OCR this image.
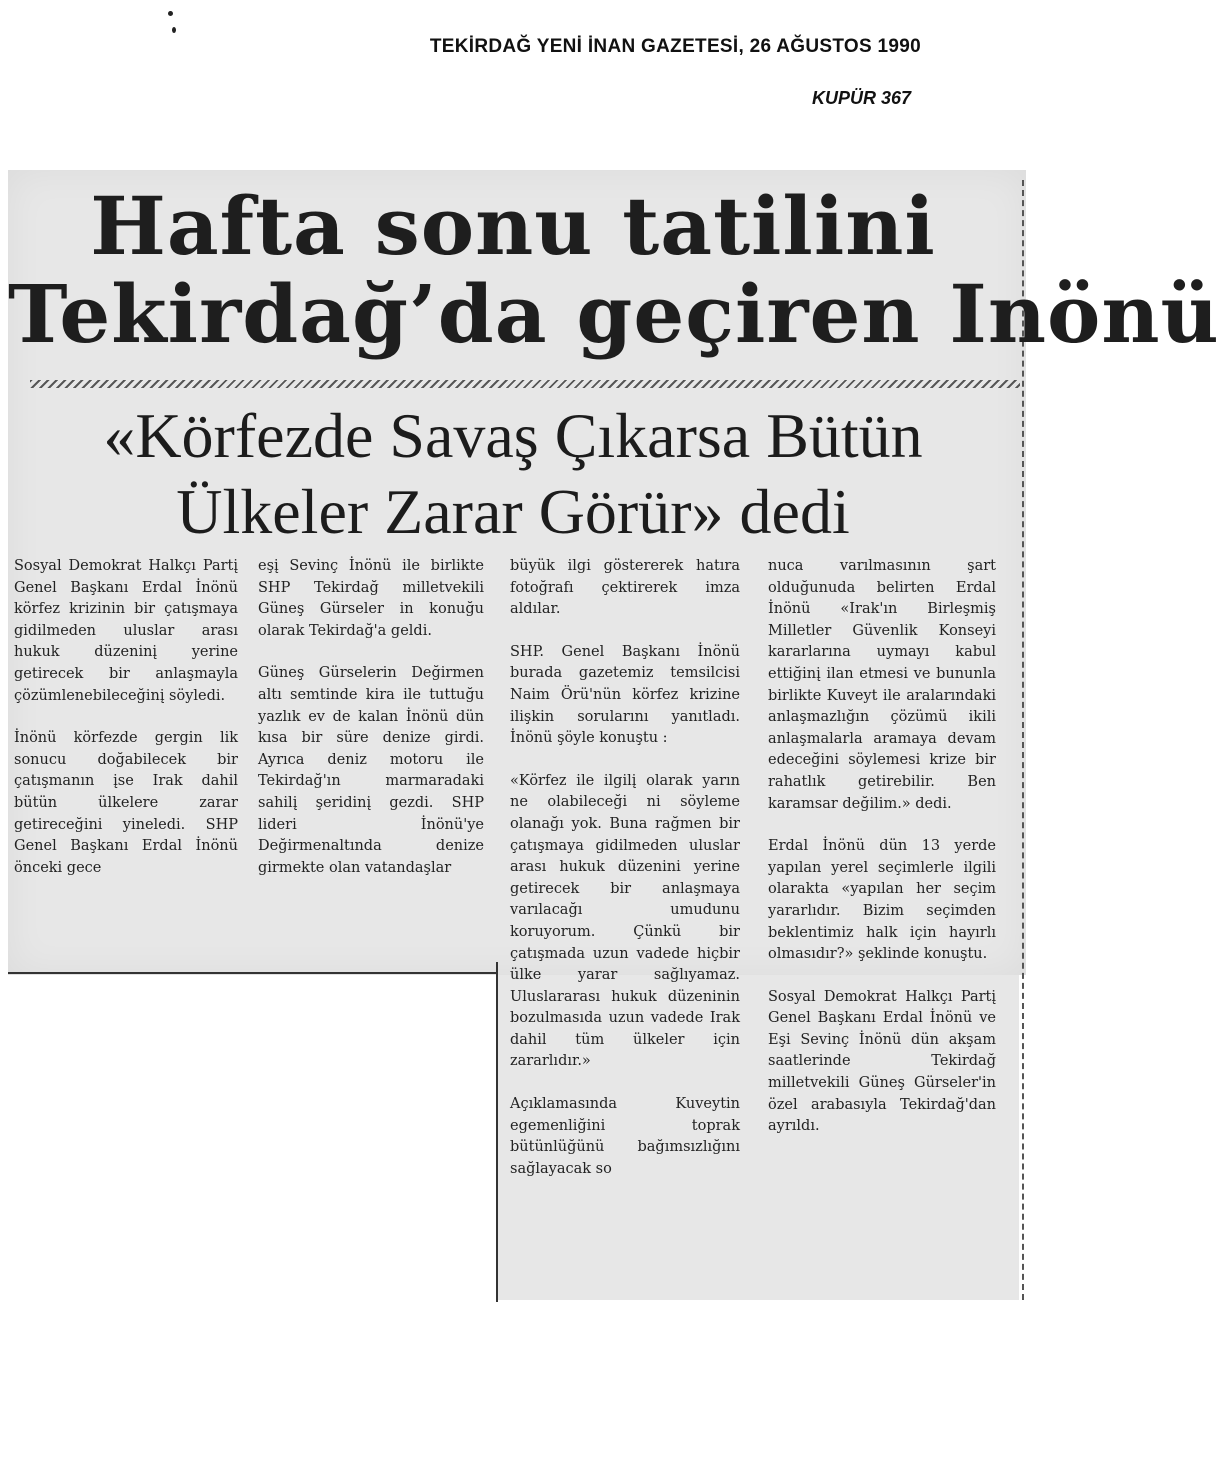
TEKİRDAĞ YENİ İNAN GAZETESİ, 26 AĞUSTOS 1990
KUPÜR 367
Hafta sonu tatilini
Tekirdağ’da geçiren Inönü
«Körfezde Savaş Çıkarsa Bütün
Ülkeler Zarar Görür» dedi

Sosyal Demokrat Halkçı Partį Genel Başkanı Erdal İnönü körfez krizinin bir çatışmaya gidilmeden uluslar arası hukuk düzeninį yerine getirecek bir anlaşmayla çözümlenebileceğinį söyledi.

İnönü körfezde gergin lik sonucu doğabilecek bir çatışmanın įse Irak dahil bütün ülkelere zarar getireceğini yineledi. SHP Genel Başkanı Erdal İnönü önceki gece

eşį Sevinç İnönü ile birlikte SHP Tekirdağ milletvekili Güneş Gürseler in konuğu olarak Tekirdağ'a geldi.

Güneş Gürselerin Değirmen altı semtinde kira ile tuttuğu yazlık ev de kalan İnönü dün kısa bir süre denize girdi. Ayrıca deniz motoru ile Tekirdağ'ın marmaradaki sahilį şeridinį gezdi. SHP lideri İnönü'ye Değirmenaltında denize girmekte olan vatandaşlar

büyük ilgi göstererek hatıra fotoğrafı çektirerek imza aldılar.

SHP. Genel Başkanı İnönü burada gazetemiz temsilcisi Naim Örü'nün körfez krizine ilişkin sorularını yanıtladı. İnönü şöyle konuştu :

«Körfez ile ilgilį olarak yarın ne olabileceği ni söyleme olanağı yok. Buna rağmen bir çatışmaya gidilmeden uluslar arası hukuk düzenini yerine getirecek bir anlaşmaya varılacağı umudunu koruyorum. Çünkü bir çatışmada uzun vadede hiçbir ülke yarar sağlıyamaz. Uluslararası hukuk düzeninin bozulmasıda uzun vadede Irak dahil tüm ülkeler için zararlıdır.»

Açıklamasında Kuveytin egemenliğini toprak bütünlüğünü bağımsızlığını sağlayacak so

nuca varılmasının şart olduğunuda belirten Erdal İnönü «Irak'ın Birleşmiş Milletler Güvenlik Konseyi kararlarına uymayı kabul ettiğinį ilan etmesi ve bununla birlikte Kuveyt ile aralarındaki anlaşmazlığın çözümü ikili anlaşmalarla aramaya devam edeceğini söylemesi krize bir rahatlık getirebilir. Ben karamsar değilim.» dedi.

Erdal İnönü dün 13 yerde yapılan yerel seçimlerle ilgili olarakta «yapılan her seçim yararlıdır. Bizim seçimden beklentimiz halk için hayırlı olmasıdır?» şeklinde konuştu.

Sosyal Demokrat Halkçı Partį Genel Başkanı Erdal İnönü ve Eşi Sevinç İnönü dün akşam saatlerinde Tekirdağ milletvekili Güneş Gürseler'in özel arabasıyla Tekirdağ'dan ayrıldı.
